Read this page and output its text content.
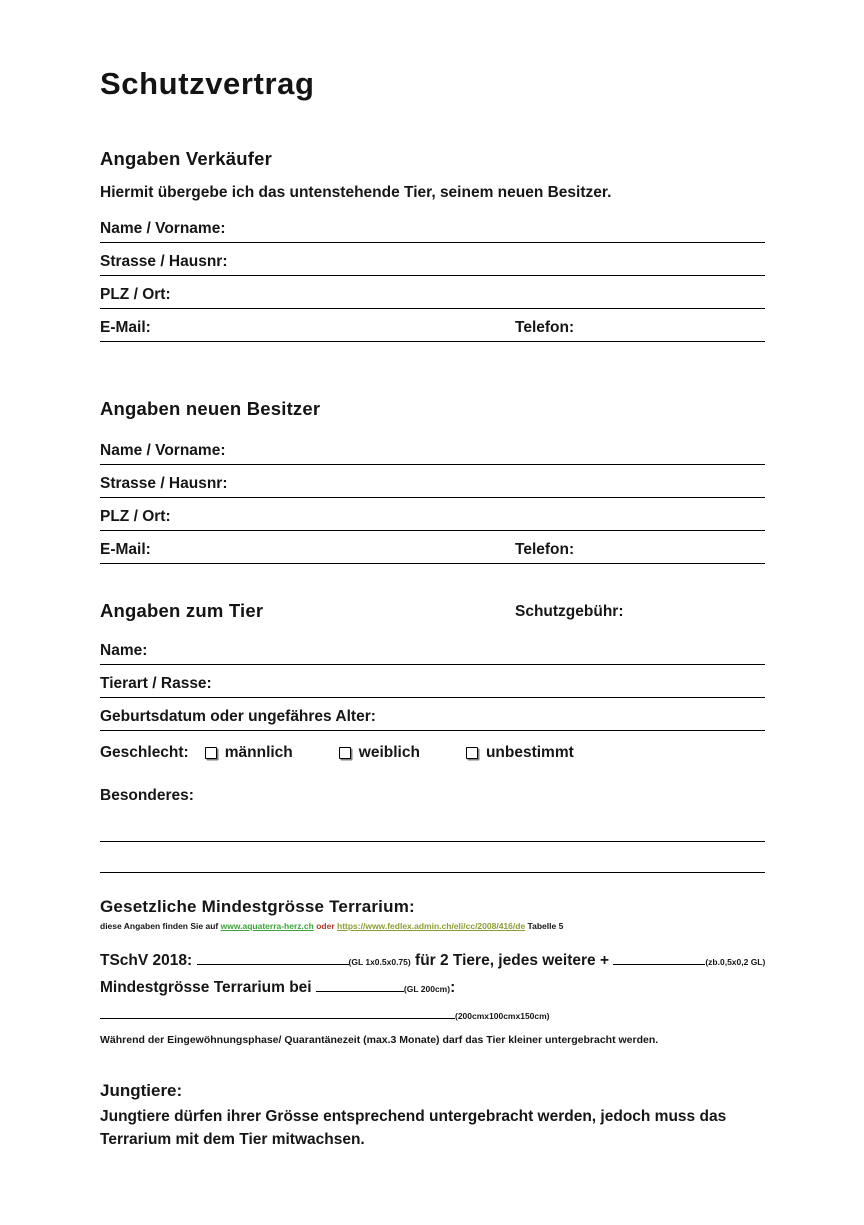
Schutzvertrag
Angaben Verkäufer

Hiermit übergebe ich das untenstehende Tier, seinem neuen Besitzer.

Name / Vorname:
Strasse / Hausnr:
PLZ / Ort:
E-Mail:	Telefon:
Angaben neuen Besitzer
Name / Vorname:
Strasse / Hausnr:
PLZ / Ort:
E-Mail:	Telefon:
Angaben zum Tier	Schutzgebühr:
Name:
Tierart / Rasse:
Geburtsdatum oder ungefähres Alter:
Geschlecht: männlich	weiblich	unbestimmt

Besonderes:

Gesetzliche Mindestgrösse Terrarium:

diese Angaben finden Sie auf www.aquaterra-herz.ch oder https://www.fedlex.admin.ch/eli/cc/2008/416/de Tabelle 5

TSchV 2018:	(GL 1x0.5x0.75) für 2 Tiere, jedes weitere +	(zb.0,5x0,2 GL)

Mindestgrösse Terrarium bei	(GL 200cm):

(200cmx100cmx150cm)

Während der Eingewöhnungsphase/ Quarantänezeit (max.3 Monate) darf das Tier kleiner untergebracht werden.

Jungtiere:

Jungtiere dürfen ihrer Grösse entsprechend untergebracht werden, jedoch muss das Terrarium mit dem Tier mitwachsen.
